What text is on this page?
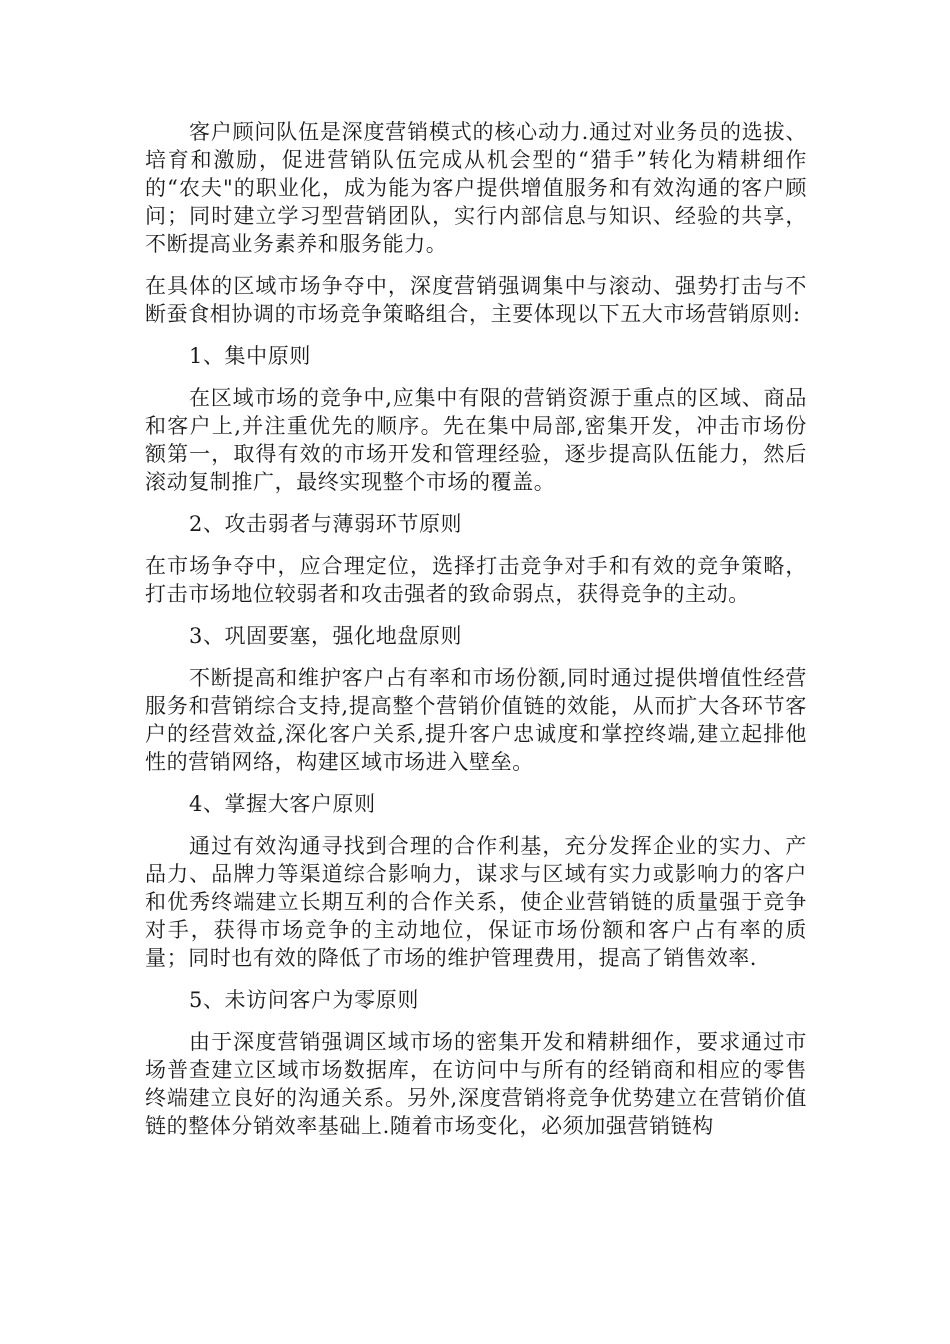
客户顾问队伍是深度营销模式的核心动力.通过对业务员的选拔、培育和激励，促进营销队伍完成从机会型的“猎手”转化为精耕细作的“农夫"的职业化，成为能为客户提供增值服务和有效沟通的客户顾问；同时建立学习型营销团队，实行内部信息与知识、经验的共享，不断提高业务素养和服务能力。

在具体的区域市场争夺中，深度营销强调集中与滚动、强势打击与不断蚕食相协调的市场竞争策略组合，主要体现以下五大市场营销原则:

1、集中原则

在区域市场的竞争中,应集中有限的营销资源于重点的区域、商品和客户上,并注重优先的顺序。先在集中局部,密集开发，冲击市场份额第一，取得有效的市场开发和管理经验，逐步提高队伍能力，然后滚动复制推广，最终实现整个市场的覆盖。

2、攻击弱者与薄弱环节原则

在市场争夺中，应合理定位，选择打击竞争对手和有效的竞争策略，打击市场地位较弱者和攻击强者的致命弱点，获得竞争的主动。

3、巩固要塞，强化地盘原则

不断提高和维护客户占有率和市场份额,同时通过提供增值性经营服务和营销综合支持,提高整个营销价值链的效能，从而扩大各环节客户的经营效益,深化客户关系,提升客户忠诚度和掌控终端,建立起排他性的营销网络，构建区域市场进入壁垒。

4、掌握大客户原则

通过有效沟通寻找到合理的合作利基，充分发挥企业的实力、产品力、品牌力等渠道综合影响力，谋求与区域有实力或影响力的客户和优秀终端建立长期互利的合作关系，使企业营销链的质量强于竞争对手，获得市场竞争的主动地位，保证市场份额和客户占有率的质量；同时也有效的降低了市场的维护管理费用，提高了销售效率.

5、未访问客户为零原则

由于深度营销强调区域市场的密集开发和精耕细作，要求通过市场普查建立区域市场数据库，在访问中与所有的经销商和相应的零售终端建立良好的沟通关系。另外,深度营销将竞争优势建立在营销价值链的整体分销效率基础上.随着市场变化，必须加强营销链构
